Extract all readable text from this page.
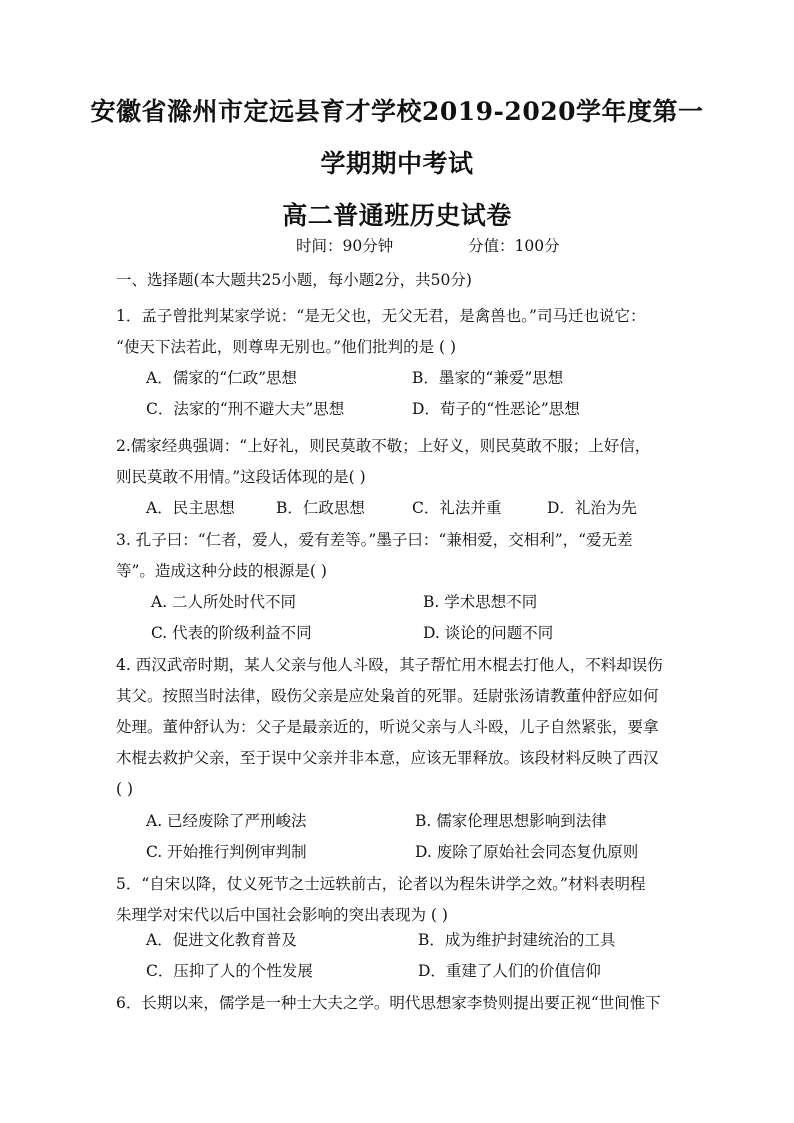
安徽省滁州市定远县育才学校2019-2020学年度第一
学期期中考试
高二普通班历史试卷
时间：90分钟	分值：100分
一、选择题(本大题共25小题，每小题2分，共50分)
1．孟子曾批判某家学说：“是无父也，无父无君，是禽兽也。”司马迁也说它：
“使天下法若此，则尊卑无别也。”他们批判的是 ( )
A．儒家的“仁政”思想	B．墨家的“兼爱”思想
C．法家的“刑不避大夫”思想	D．荀子的“性恶论”思想
2.儒家经典强调：“上好礼，则民莫敢不敬；上好义，则民莫敢不服；上好信，
则民莫敢不用情。”这段话体现的是( )
A．民主思想	B．仁政思想	C．礼法并重	D．礼治为先
3. 孔子曰：“仁者，爱人，爱有差等。”墨子曰：“兼相爱，交相利”，“爱无差
等”。造成这种分歧的根源是( )
A. 二人所处时代不同	B. 学术思想不同
C. 代表的阶级利益不同	D. 谈论的问题不同
4. 西汉武帝时期，某人父亲与他人斗殴，其子帮忙用木棍去打他人，不料却误伤
其父。按照当时法律，殴伤父亲是应处枭首的死罪。廷尉张汤请教董仲舒应如何
处理。董仲舒认为：父子是最亲近的，听说父亲与人斗殴，儿子自然紧张，要拿
木棍去救护父亲，至于误中父亲并非本意，应该无罪释放。该段材料反映了西汉
( )
A. 已经废除了严刑峻法	B. 儒家伦理思想影响到法律
C. 开始推行判例审判制	D. 废除了原始社会同态复仇原则
5．“自宋以降，仗义死节之士远轶前古，论者以为程朱讲学之效。”材料表明程
朱理学对宋代以后中国社会影响的突出表现为 ( )
A．促进文化教育普及	B．成为维护封建统治的工具
C．压抑了人的个性发展	D．重建了人们的价值信仰
6．长期以来，儒学是一种士大夫之学。明代思想家李贽则提出要正视“世间惟下
